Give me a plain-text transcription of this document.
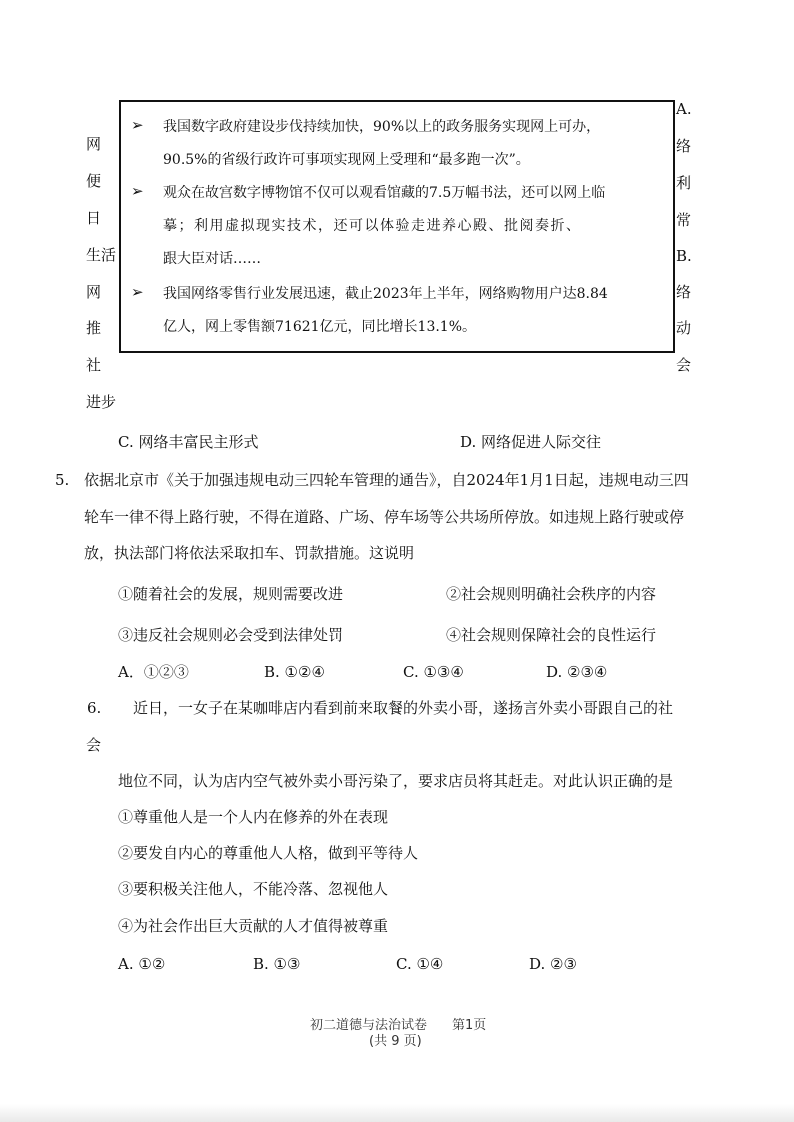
网
便
日
生活
网
推
社
进步
A.
络
利
常
B.
络
动
会
➢ 我国数字政府建设步伐持续加快，90%以上的政务服务实现网上可办，
90.5%的省级行政许可事项实现网上受理和“最多跑一次”。
➢ 观众在故宫数字博物馆不仅可以观看馆藏的7.5万幅书法，还可以网上临
摹；利用虚拟现实技术，还可以体验走进养心殿、批阅奏折、
跟大臣对话……
➢ 我国网络零售行业发展迅速，截止2023年上半年，网络购物用户达8.84
亿人，网上零售额71621亿元，同比增长13.1%。
C. 网络丰富民主形式	D. 网络促进人际交往
5. 依据北京市《关于加强违规电动三四轮车管理的通告》，自2024年1月1日起，违规电动三四
轮车一律不得上路行驶，不得在道路、广场、停车场等公共场所停放。如违规上路行驶或停
放，执法部门将依法采取扣车、罚款措施。这说明
①随着社会的发展，规则需要改进	②社会规则明确社会秩序的内容
③违反社会规则必会受到法律处罚	④社会规则保障社会的良性运行
A．①②③	B. ①②④	C. ①③④	D. ②③④
6. 近日，一女子在某咖啡店内看到前来取餐的外卖小哥，遂扬言外卖小哥跟自己的社
会
地位不同，认为店内空气被外卖小哥污染了，要求店员将其赶走。对此认识正确的是
①尊重他人是一个人内在修养的外在表现
②要发自内心的尊重他人人格，做到平等待人
③要积极关注他人，不能冷落、忽视他人
④为社会作出巨大贡献的人才值得被尊重
A. ①②	B. ①③	C. ①④	D. ②③
初二道德与法治试卷 第1页
(共 9 页)
